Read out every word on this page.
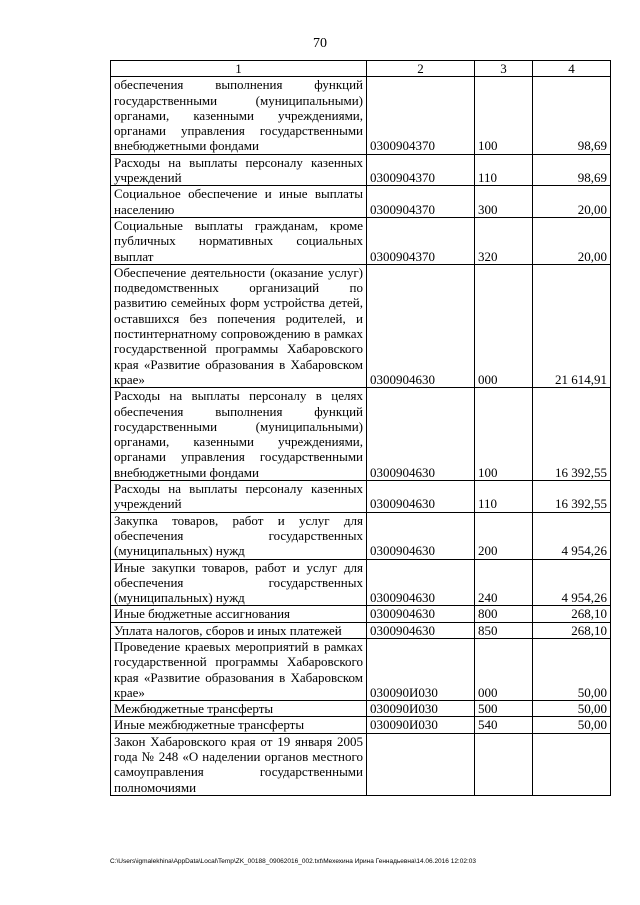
70
1	2	3	4
обеспечения выполнения функций государственными (муниципальными) органами, казенными учреждениями, органами управления государственными внебюджетными фондами	0300904370	100	98,69
Расходы на выплаты персоналу казенных учреждений	0300904370	110	98,69
Социальное обеспечение и иные выплаты населению	0300904370	300	20,00
Социальные выплаты гражданам, кроме публичных нормативных социальных выплат	0300904370	320	20,00
Обеспечение деятельности (оказание услуг) подведомственных организаций по развитию семейных форм устройства детей, оставшихся без попечения родителей, и постинтернатному сопровождению в рамках государственной программы Хабаровского края «Развитие образования в Хабаровском крае»	0300904630	000	21 614,91
Расходы на выплаты персоналу в целях обеспечения выполнения функций государственными (муниципальными) органами, казенными учреждениями, органами управления государственными внебюджетными фондами	0300904630	100	16 392,55
Расходы на выплаты персоналу казенных учреждений	0300904630	110	16 392,55
Закупка товаров, работ и услуг для обеспечения государственных (муниципальных) нужд	0300904630	200	4 954,26
Иные закупки товаров, работ и услуг для обеспечения государственных (муниципальных) нужд	0300904630	240	4 954,26
Иные бюджетные ассигнования	0300904630	800	268,10
Уплата налогов, сборов и иных платежей	0300904630	850	268,10
Проведение краевых мероприятий в рамках государственной программы Хабаровского края «Развитие образования в Хабаровском крае»	030090И030	000	50,00
Межбюджетные трансферты	030090И030	500	50,00
Иные межбюджетные трансферты	030090И030	540	50,00
Закон Хабаровского края от 19 января 2005 года № 248 «О наделении органов местного самоуправления государственными полномочиями			
C:\Users\igmalekhina\AppData\Local\Temp\ZK_00188_09062016_002.txt\Мехехина Ирина Геннадьевна\14.06.2016 12:02:03
